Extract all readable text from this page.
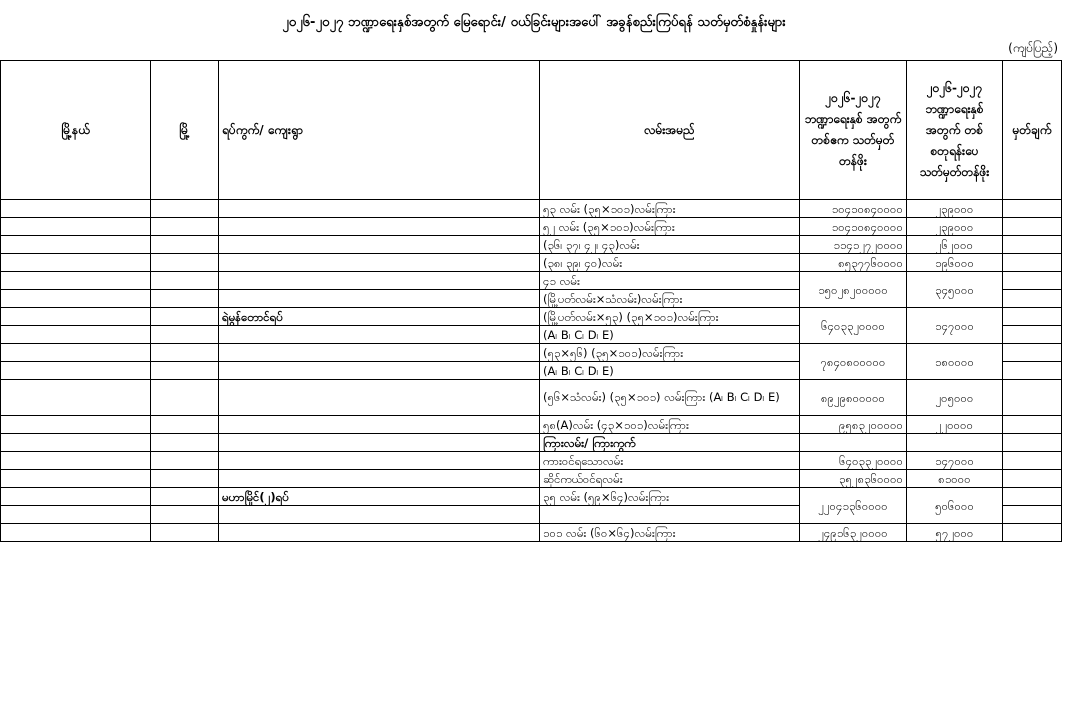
၂၀၂၆-၂၀၂၇ ဘဏ္ဍာရေးနှစ်အတွက် မြေရောင်း/ ဝယ်ခြင်းများအပေါ် အခွန်စည်းကြပ်ရန် သတ်မှတ်စံနှုန်းများ
(ကျပ်ပြည့်)
မြို့နယ်	မြို့	ရပ်ကွက်/ ကျေးရွာ	လမ်းအမည်	၂၀၂၆-၂၀၂၇ ဘဏ္ဍာရေးနှစ် အတွက် တစ်ဧက သတ်မှတ်တန်ဖိုး	၂၀၂၆-၂၀၂၇ ဘဏ္ဍာရေးနှစ် အတွက် တစ်စတုရန်းပေ သတ်မှတ်တန်ဖိုး	မှတ်ချက်
			၅၃ လမ်း (၃၅×၁၀၁)လမ်းကြား	၁၀၄၁၀၈၄၀၀၀၀	၂၃၉၀၀၀	
			၅၂ လမ်း (၃၅×၁၀၁)လမ်းကြား	၁၀၄၁၀၈၄၀၀၀၀	၂၃၉၀၀၀	
			(၃၆၊ ၃၇၊ ၄၂၊ ၄၃)လမ်း	၁၁၄၁၂၇၂၀၀၀၀	၂၆၂၀၀၀	
			(၃၈၊ ၃၉၊ ၄၀)လမ်း	၈၅၃၇၇၆၀၀၀၀	၁၉၆၀၀၀	
			၄၁ လမ်း	၁၅၀၂၈၂၀၀၀၀၀	၃၄၅၀၀၀	
			(မြို့ပတ်လမ်း×သံလမ်း)လမ်းကြား			
		ရဲမွန်တောင်ရပ်	(မြို့ပတ်လမ်း×၅၃) (၃၅×၁၀၁)လမ်းကြား	၆၄၀၃၃၂၀၀၀၀	၁၄၇၀၀၀	
			(A၊ B၊ C၊ D၊ E)			
			(၅၃×၅၆) (၃၅×၁၀၁)လမ်းကြား	၇၈၄၀၈၀၀၀၀၀	၁၈၀၀၀၀	
			(A၊ B၊ C၊ D၊ E)			
			(၅၆×သံလမ်း) (၃၅×၁၀၁) လမ်းကြား (A၊ B၊ C၊ D၊ E)	၈၉၂၉၈၀၀၀၀၀	၂၀၅၀၀၀	
			၅၈(A)လမ်း (၄၃×၁၀၁)လမ်းကြား	၉၅၈၃၂၀၀၀၀၀	၂၂၀၀၀၀	
			ကြားလမ်း/ ကြားကွက်			
			ကားဝင်ရသောလမ်း	၆၄၀၃၃၂၀၀၀၀	၁၄၇၀၀၀	
			ဆိုင်ကယ်ဝင်ရလမ်း	၃၅၂၈၃၆၀၀၀၀	၈၁၀၀၀	
		မဟာမြိုင်(၂)ရပ်	၃၅ လမ်း (၅၉×၆၄)လမ်းကြား	၂၂၀၄၁၃၆၀၀၀၀	၅၀၆၀၀၀	

			၁၀၁ လမ်း (၆၀×၆၄)လမ်းကြား	၂၄၉၁၆၃၂၀၀၀၀	၅၇၂၀၀၀	
